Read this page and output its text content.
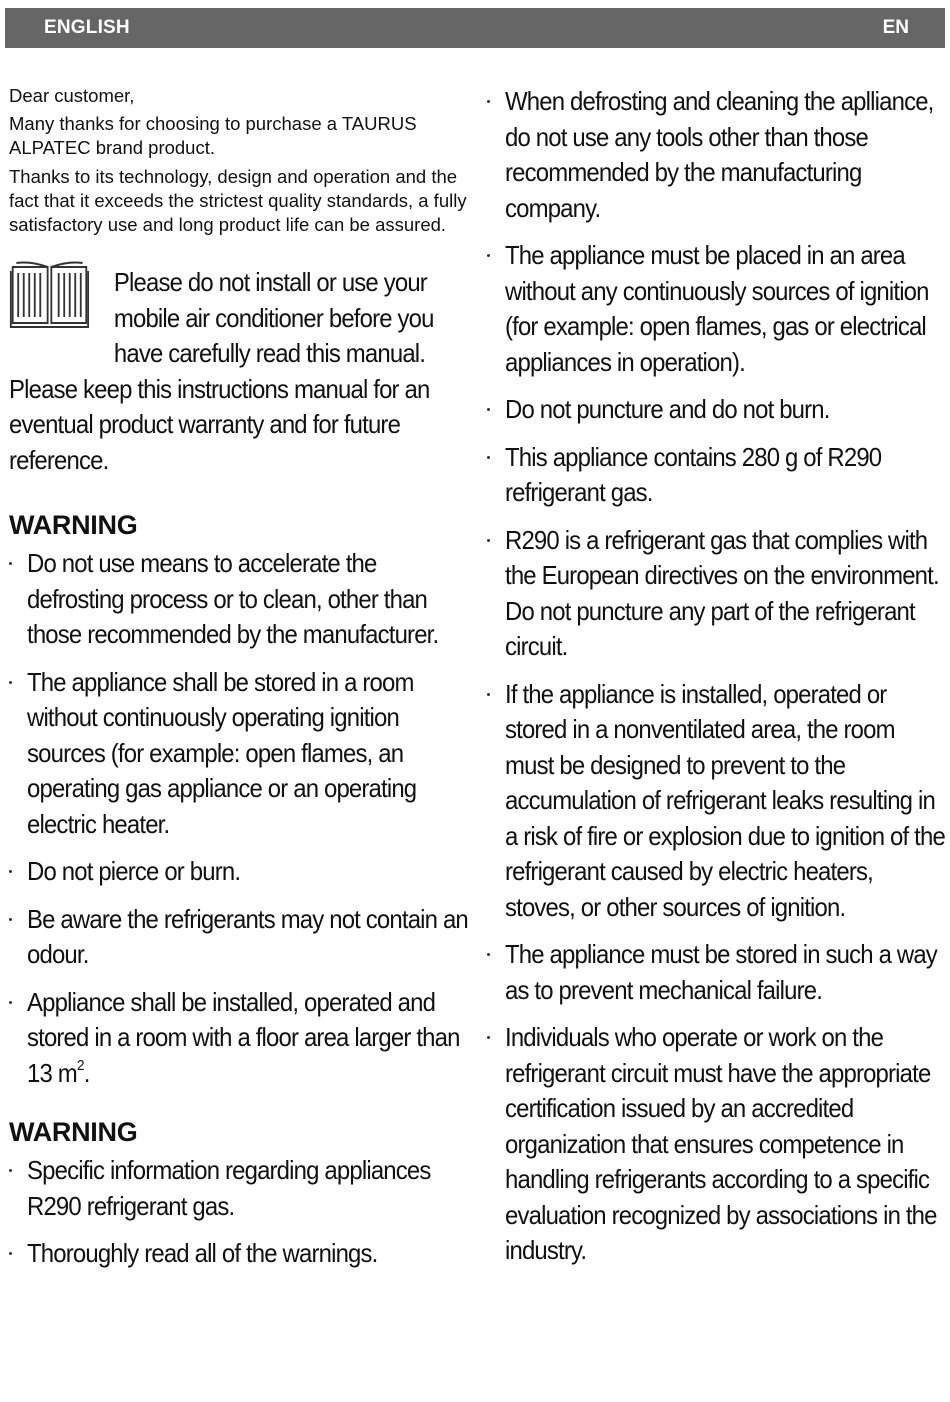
ENGLISH	EN

Dear customer,

Many thanks for choosing to purchase a TAURUS ALPATEC brand product.

Thanks to its technology, design and operation and the fact that it exceeds the strictest quality standards, a fully satisfactory use and long product life can be assured.

Please do not install or use your mobile air conditioner before you have carefully read this manual. Please keep this instructions manual for an eventual product warranty and for future reference.
WARNING
Do not use means to accelerate the defrosting process or to clean, other than those recommended by the manufacturer.
The appliance shall be stored in a room without continuously operating ignition sources (for example: open flames, an operating gas appliance or an operating electric heater.
Do not pierce or burn.
Be aware the refrigerants may not contain an odour.
Appliance shall be installed, operated and stored in a room with a floor area larger than 13 $m^2$.
WARNING
Specific information regarding appliances R290 refrigerant gas.
Thoroughly read all of the warnings.
When defrosting and cleaning the aplliance, do not use any tools other than those recommended by the manufacturing company.
The appliance must be placed in an area without any continuously sources of ignition (for example: open flames, gas or electrical appliances in operation).
Do not puncture and do not burn.
This appliance contains 280 g of R290 refrigerant gas.
R290 is a refrigerant gas that complies with the European directives on the environment. Do not puncture any part of the refrigerant circuit.
If the appliance is installed, operated or stored in a nonventilated area, the room must be designed to prevent to the accumulation of refrigerant leaks resulting in a risk of fire or explosion due to ignition of the refrigerant caused by electric heaters, stoves, or other sources of ignition.
The appliance must be stored in such a way as to prevent mechanical failure.
Individuals who operate or work on the refrigerant circuit must have the appropriate certification issued by an accredited organization that ensures competence in handling refrigerants according to a specific evaluation recognized by associations in the industry.
